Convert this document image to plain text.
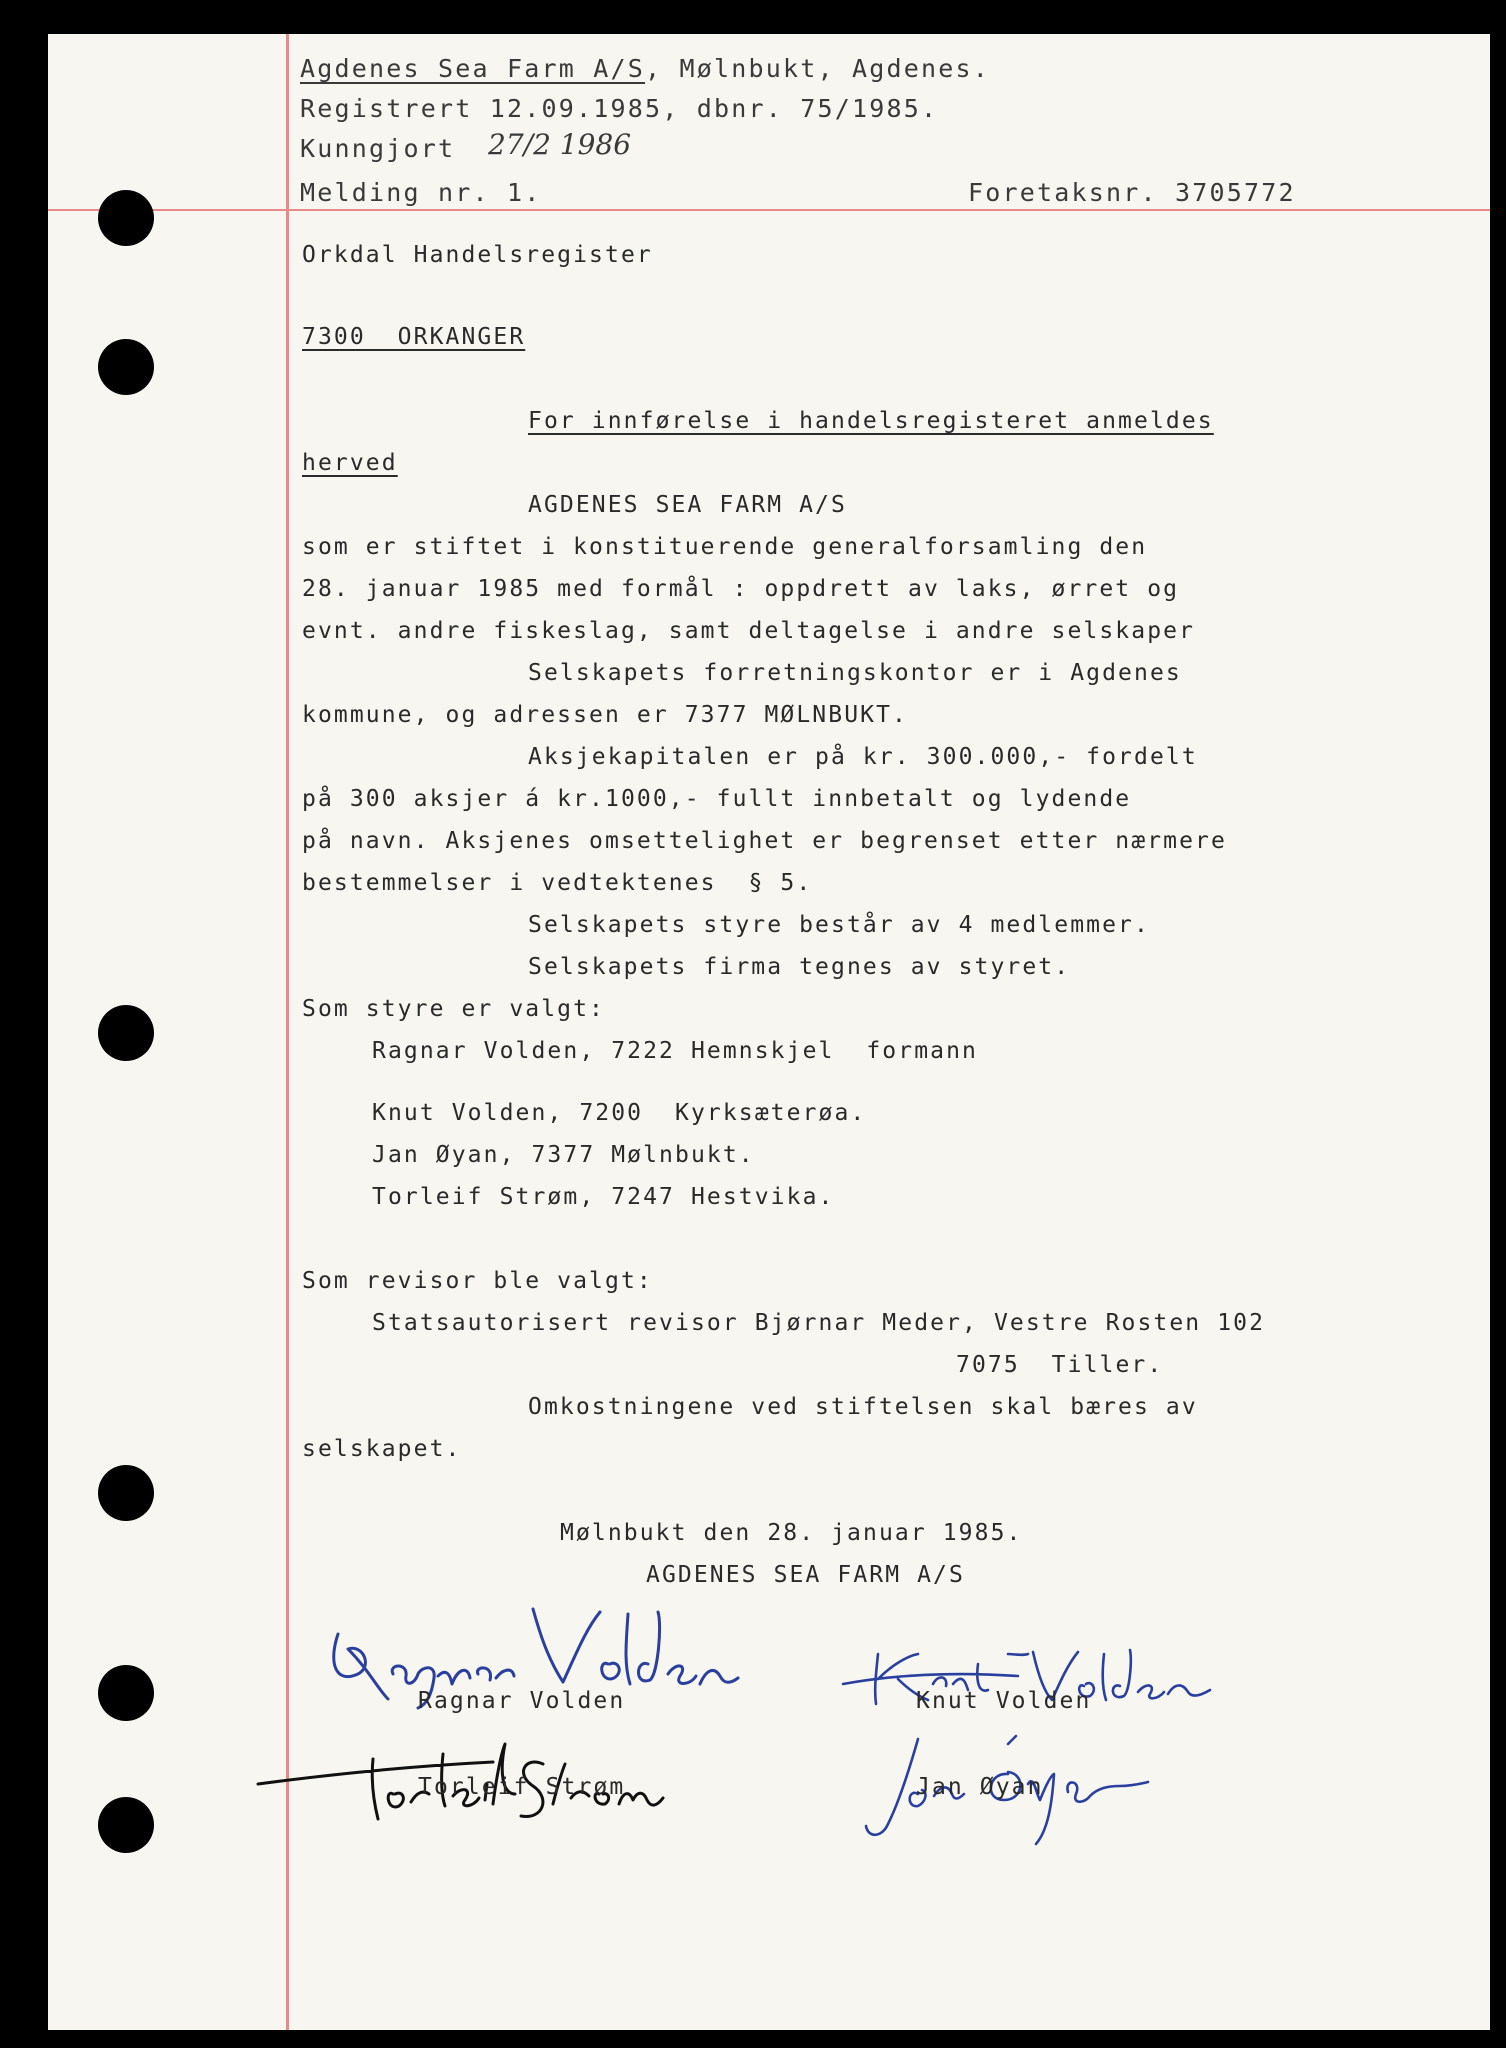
Agdenes Sea Farm A/S, Mølnbukt, Agdenes.
Registrert 12.09.1985, dbnr. 75/1985.
Kunngjort 27/2 1986
Melding nr. 1.	Foretaksnr. 3705772
Orkdal Handelsregister
7300  ORKANGER
For innførelse i handelsregisteret anmeldes
herved
AGDENES SEA FARM A/S
som er stiftet i konstituerende generalforsamling den
28. januar 1985 med formål : oppdrett av laks, ørret og
evnt. andre fiskeslag, samt deltagelse i andre selskaper
Selskapets forretningskontor er i Agdenes
kommune, og adressen er 7377 MØLNBUKT.
Aksjekapitalen er på kr. 300.000,- fordelt
på 300 aksjer á kr.1000,- fullt innbetalt og lydende
på navn. Aksjenes omsettelighet er begrenset etter nærmere
bestemmelser i vedtektenes  § 5.
Selskapets styre består av 4 medlemmer.
Selskapets firma tegnes av styret.
Som styre er valgt:
Ragnar Volden, 7222 Hemnskjel  formann
Knut Volden, 7200  Kyrksæterøa.
Jan Øyan, 7377 Mølnbukt.
Torleif Strøm, 7247 Hestvika.
Som revisor ble valgt:
Statsautorisert revisor Bjørnar Meder, Vestre Rosten 102
7075  Tiller.
Omkostningene ved stiftelsen skal bæres av
selskapet.
Mølnbukt den 28. januar 1985.
AGDENES SEA FARM A/S
Ragnar Volden	Knut Volden
Torleif Strøm	Jan Øyan
